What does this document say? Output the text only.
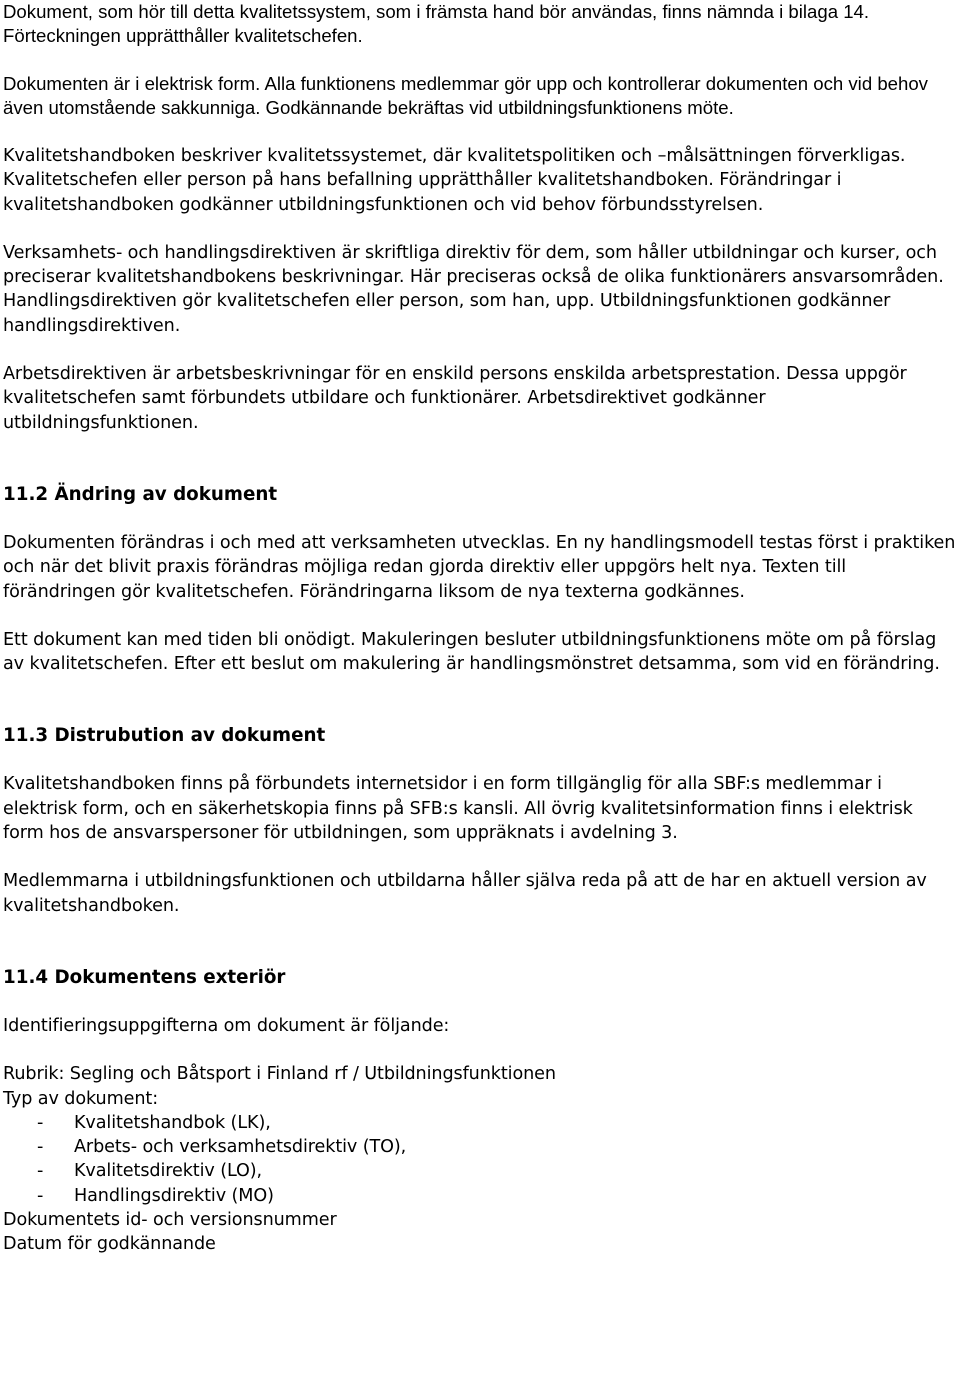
Dokument, som hör till detta kvalitetssystem, som i främsta hand bör användas, finns nämnda i bilaga 14. Förteckningen upprätthåller kvalitetschefen.

Dokumenten är i elektrisk form. Alla funktionens medlemmar gör upp och kontrollerar dokumenten och vid behov även utomstående sakkunniga. Godkännande bekräftas vid utbildningsfunktionens möte.

Kvalitetshandboken beskriver kvalitetssystemet, där kvalitetspolitiken och –målsättningen förverkligas. Kvalitetschefen eller person på hans befallning upprätthåller kvalitetshandboken. Förändringar i kvalitetshandboken godkänner utbildningsfunktionen och vid behov förbundsstyrelsen.

Verksamhets- och handlingsdirektiven är skriftliga direktiv för dem, som håller utbildningar och kurser, och preciserar kvalitetshandbokens beskrivningar. Här preciseras också de olika funktionärers ansvarsområden. Handlingsdirektiven gör kvalitetschefen eller person, som han, upp. Utbildningsfunktionen godkänner handlingsdirektiven.

Arbetsdirektiven är arbetsbeskrivningar för en enskild persons enskilda arbetsprestation. Dessa uppgör kvalitetschefen samt förbundets utbildare och funktionärer. Arbetsdirektivet godkänner utbildningsfunktionen.

11.2 Ändring av dokument

Dokumenten förändras i och med att verksamheten utvecklas. En ny handlingsmodell testas först i praktiken och när det blivit praxis förändras möjliga redan gjorda direktiv eller uppgörs helt nya. Texten till förändringen gör kvalitetschefen. Förändringarna liksom de nya texterna godkännes.

Ett dokument kan med tiden bli onödigt. Makuleringen besluter utbildningsfunktionens möte om på förslag av kvalitetschefen. Efter ett beslut om makulering är handlingsmönstret detsamma, som vid en förändring.

11.3 Distrubution av dokument

Kvalitetshandboken finns på förbundets internetsidor i en form tillgänglig för alla SBF:s medlemmar i elektrisk form, och en säkerhetskopia finns på SFB:s kansli. All övrig kvalitetsinformation finns i elektrisk form hos de ansvarspersoner för utbildningen, som uppräknats i avdelning 3.

Medlemmarna i utbildningsfunktionen och utbildarna håller själva reda på att de har en aktuell version av kvalitetshandboken.

11.4 Dokumentens exteriör

Identifieringsuppgifterna om dokument är följande:

Rubrik: Segling och Båtsport i Finland rf / Utbildningsfunktionen

Typ av dokument:

- Kvalitetshandbok (LK),
- Arbets- och verksamhetsdirektiv (TO),
- Kvalitetsdirektiv (LO),
- Handlingsdirektiv (MO)

Dokumentets id- och versionsnummer

Datum för godkännande
